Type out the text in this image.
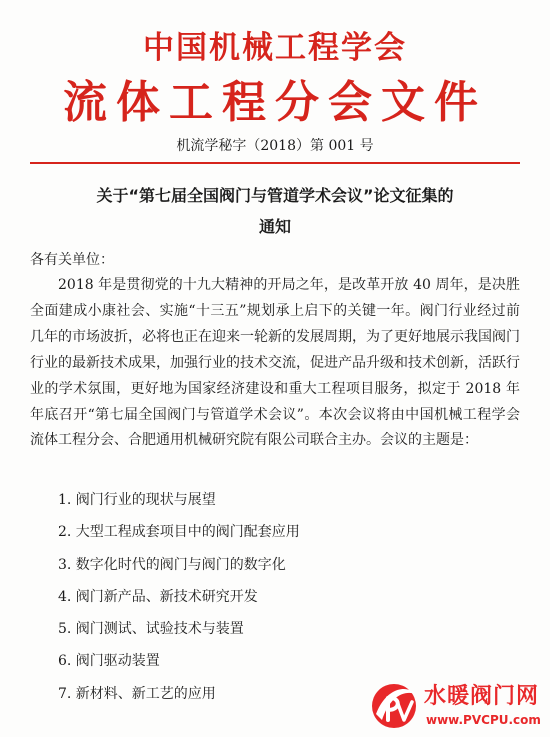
中国机械工程学会
流体工程分会文件
机流学秘字（2018）第 001 号
关于“第七届全国阀门与管道学术会议”论文征集的
通知
各有关单位：

2018 年是贯彻党的十九大精神的开局之年，是改革开放 40 周年，是决胜全面建成小康社会、实施“十三五”规划承上启下的关键一年。阀门行业经过前几年的市场波折，必将也正在迎来一轮新的发展周期，为了更好地展示我国阀门行业的最新技术成果，加强行业的技术交流，促进产品升级和技术创新，活跃行业的学术氛围，更好地为国家经济建设和重大工程项目服务，拟定于 2018 年年底召开“第七届全国阀门与管道学术会议”。本次会议将由中国机械工程学会流体工程分会、合肥通用机械研究院有限公司联合主办。会议的主题是：

1. 阀门行业的现状与展望
2. 大型工程成套项目中的阀门配套应用
3. 数字化时代的阀门与阀门的数字化
4. 阀门新产品、新技术研究开发
5. 阀门测试、试验技术与装置
6. 阀门驱动装置
7. 新材料、新工艺的应用	水暖阀门网
www.PVCPU.com
